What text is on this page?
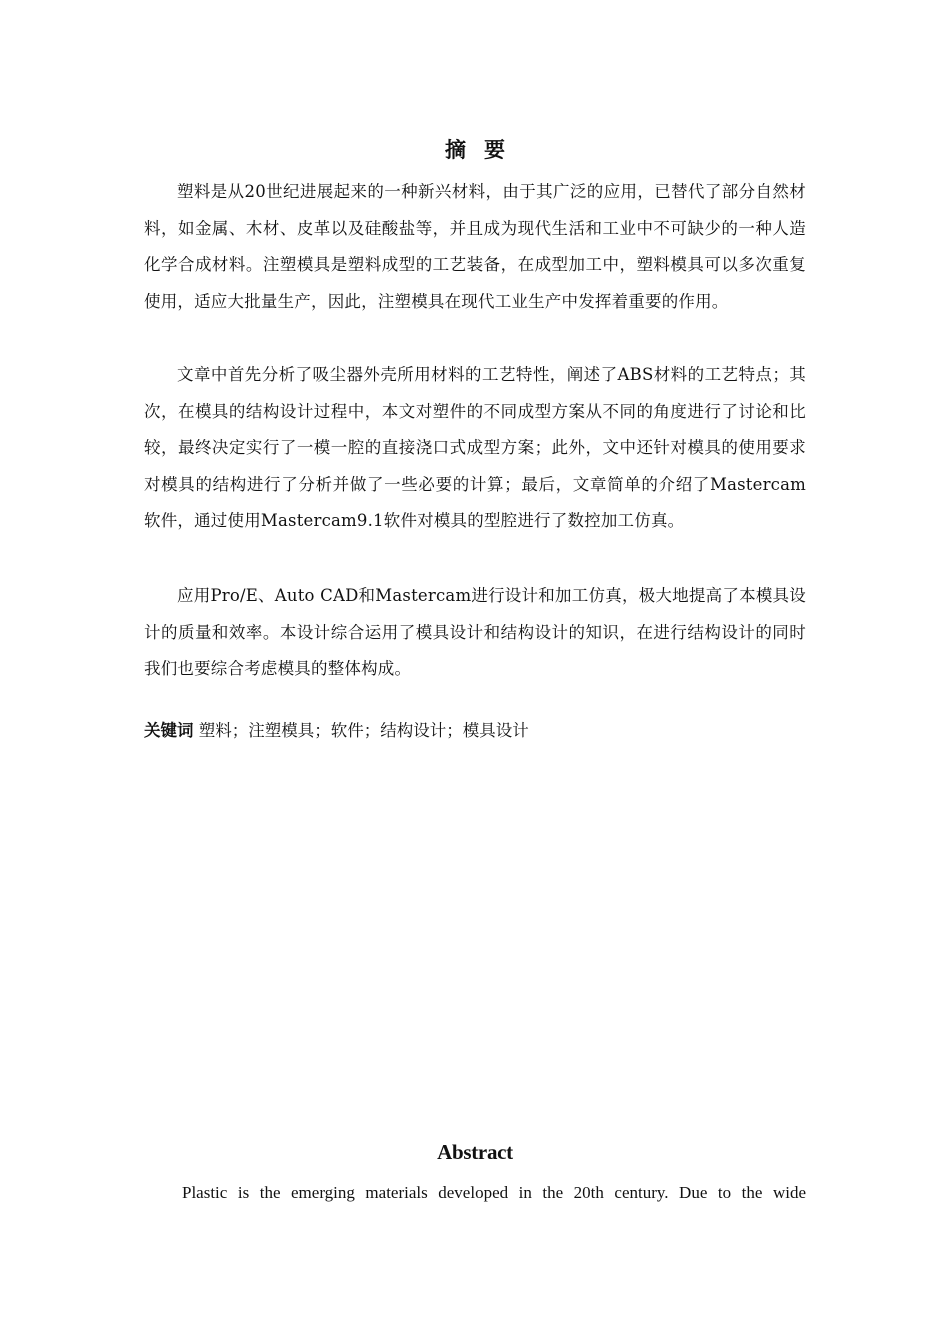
摘要

塑料是从20世纪进展起来的一种新兴材料，由于其广泛的应用，已替代了部分自然材料，如金属、木材、皮革以及硅酸盐等，并且成为现代生活和工业中不可缺少的一种人造化学合成材料。注塑模具是塑料成型的工艺装备，在成型加工中，塑料模具可以多次重复使用，适应大批量生产，因此，注塑模具在现代工业生产中发挥着重要的作用。

文章中首先分析了吸尘器外壳所用材料的工艺特性，阐述了ABS材料的工艺特点；其次，在模具的结构设计过程中，本文对塑件的不同成型方案从不同的角度进行了讨论和比较，最终决定实行了一模一腔的直接浇口式成型方案；此外，文中还针对模具的使用要求对模具的结构进行了分析并做了一些必要的计算；最后，文章简单的介绍了Mastercam软件，通过使用Mastercam9.1软件对模具的型腔进行了数控加工仿真。

应用Pro/E、Auto CAD和Mastercam进行设计和加工仿真，极大地提高了本模具设计的质量和效率。本设计综合运用了模具设计和结构设计的知识，在进行结构设计的同时我们也要综合考虑模具的整体构成。

关键词 塑料；注塑模具；软件；结构设计；模具设计

Abstract

Plastic is the emerging materials developed in the 20th century. Due to the wide
